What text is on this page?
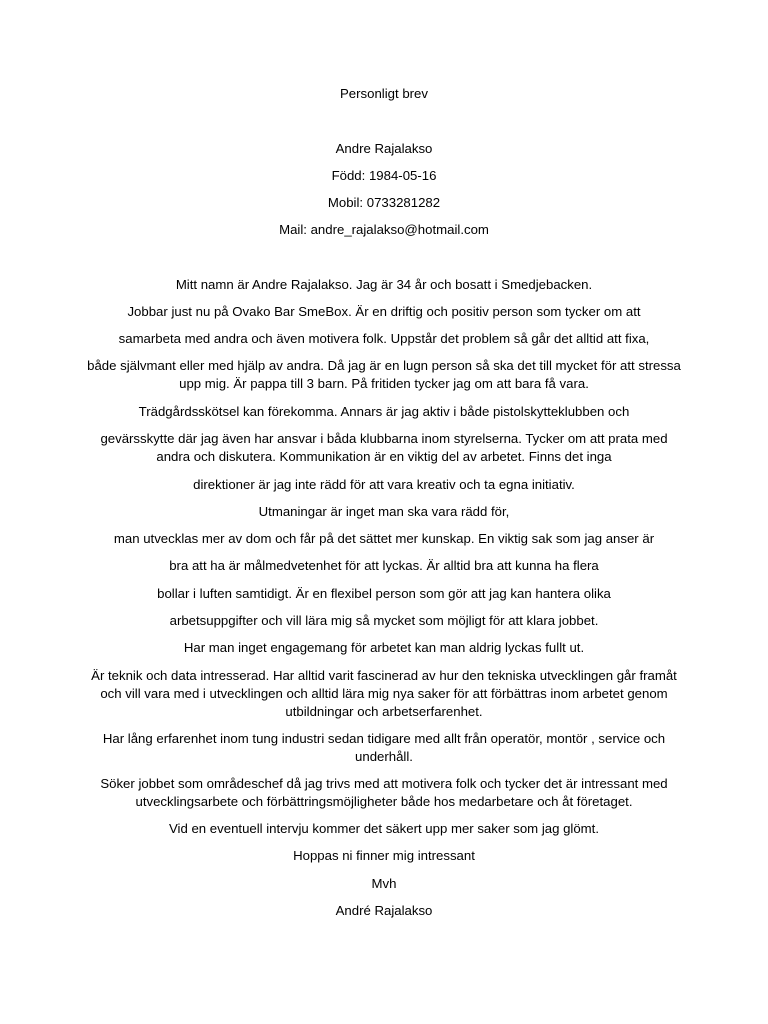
Personligt brev
Andre Rajalakso
Född: 1984-05-16
Mobil: 0733281282
Mail: andre_rajalakso@hotmail.com
Mitt namn är Andre Rajalakso. Jag är 34 år och bosatt i Smedjebacken.
Jobbar just nu på Ovako Bar SmeBox. Är en driftig och positiv person som tycker om att
samarbeta med andra och även motivera folk. Uppstår det problem så går det alltid att fixa,
både självmant eller med hjälp av andra. Då jag är en lugn person så ska det till mycket för att stressa
upp mig. Är pappa till 3 barn. På fritiden tycker jag om att bara få vara.
Trädgårdsskötsel kan förekomma. Annars är jag aktiv i både pistolskytteklubben och
gevärsskytte där jag även har ansvar i båda klubbarna inom styrelserna. Tycker om att prata med
andra och diskutera. Kommunikation är en viktig del av arbetet. Finns det inga
direktioner är jag inte rädd för att vara kreativ och ta egna initiativ.
Utmaningar är inget man ska vara rädd för,
man utvecklas mer av dom och får på det sättet mer kunskap. En viktig sak som jag anser är
bra att ha är målmedvetenhet för att lyckas. Är alltid bra att kunna ha flera
bollar i luften samtidigt. Är en flexibel person som gör att jag kan hantera olika
arbetsuppgifter och vill lära mig så mycket som möjligt för att klara jobbet.
Har man inget engagemang för arbetet kan man aldrig lyckas fullt ut.
Är teknik och data intresserad. Har alltid varit fascinerad av hur den tekniska utvecklingen går framåt
och vill vara med i utvecklingen och alltid lära mig nya saker för att förbättras inom arbetet genom
utbildningar och arbetserfarenhet.
Har lång erfarenhet inom tung industri sedan tidigare med allt från operatör, montör , service och
underhåll.
Söker jobbet som områdeschef då jag trivs med att motivera folk och tycker det är intressant med
utvecklingsarbete och förbättringsmöjligheter både hos medarbetare och åt företaget.
Vid en eventuell intervju kommer det säkert upp mer saker som jag glömt.
Hoppas ni finner mig intressant
Mvh
André Rajalakso
